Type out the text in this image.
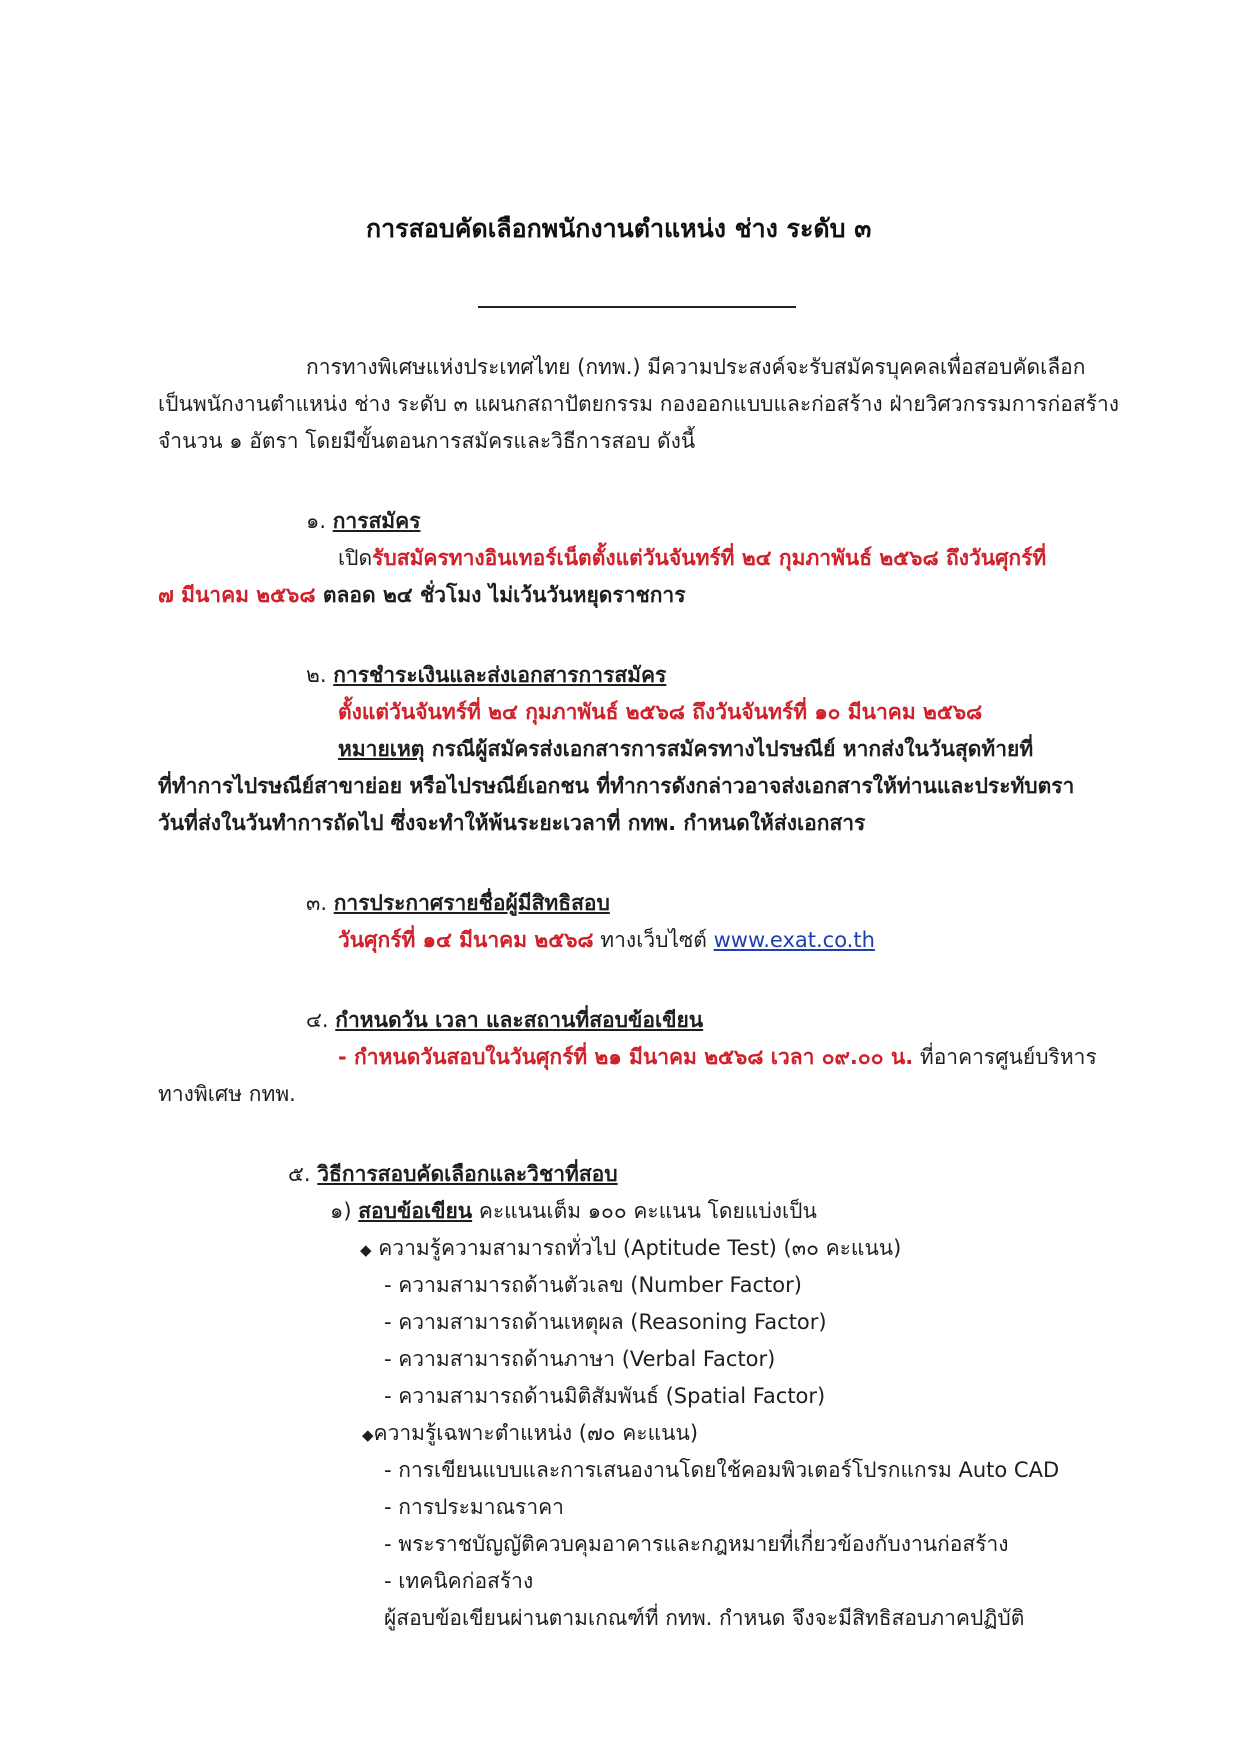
การสอบคัดเลือกพนักงานตำแหน่ง ช่าง ระดับ ๓
การทางพิเศษแห่งประเทศไทย (กทพ.) มีความประสงค์จะรับสมัครบุคคลเพื่อสอบคัดเลือก
เป็นพนักงานตำแหน่ง ช่าง ระดับ ๓ แผนกสถาปัตยกรรม กองออกแบบและก่อสร้าง ฝ่ายวิศวกรรมการก่อสร้าง
จำนวน ๑ อัตรา โดยมีขั้นตอนการสมัครและวิธีการสอบ ดังนี้
๑. การสมัคร
เปิดรับสมัครทางอินเทอร์เน็ตตั้งแต่วันจันทร์ที่ ๒๔ กุมภาพันธ์ ๒๕๖๘ ถึงวันศุกร์ที่
๗ มีนาคม ๒๕๖๘ ตลอด ๒๔ ชั่วโมง ไม่เว้นวันหยุดราชการ
๒. การชำระเงินและส่งเอกสารการสมัคร
ตั้งแต่วันจันทร์ที่ ๒๔ กุมภาพันธ์ ๒๕๖๘ ถึงวันจันทร์ที่ ๑๐ มีนาคม ๒๕๖๘
หมายเหตุ กรณีผู้สมัครส่งเอกสารการสมัครทางไปรษณีย์ หากส่งในวันสุดท้ายที่
ที่ทำการไปรษณีย์สาขาย่อย หรือไปรษณีย์เอกชน ที่ทำการดังกล่าวอาจส่งเอกสารให้ท่านและประทับตรา
วันที่ส่งในวันทำการถัดไป ซึ่งจะทำให้พ้นระยะเวลาที่ กทพ. กำหนดให้ส่งเอกสาร
๓. การประกาศรายชื่อผู้มีสิทธิสอบ
วันศุกร์ที่ ๑๔ มีนาคม ๒๕๖๘ ทางเว็บไซต์ www.exat.co.th
๔. กำหนดวัน เวลา และสถานที่สอบข้อเขียน
- กำหนดวันสอบในวันศุกร์ที่ ๒๑ มีนาคม ๒๕๖๘ เวลา ๐๙.๐๐ น. ที่อาคารศูนย์บริหาร
ทางพิเศษ กทพ.
๕. วิธีการสอบคัดเลือกและวิชาที่สอบ
๑) สอบข้อเขียน คะแนนเต็ม ๑๐๐ คะแนน โดยแบ่งเป็น
◆ ความรู้ความสามารถทั่วไป (Aptitude Test) (๓๐ คะแนน)
- ความสามารถด้านตัวเลข (Number Factor)
- ความสามารถด้านเหตุผล (Reasoning Factor)
- ความสามารถด้านภาษา (Verbal Factor)
- ความสามารถด้านมิติสัมพันธ์ (Spatial Factor)
◆ความรู้เฉพาะตำแหน่ง (๗๐ คะแนน)
- การเขียนแบบและการเสนองานโดยใช้คอมพิวเตอร์โปรกแกรม Auto CAD
- การประมาณราคา
- พระราชบัญญัติควบคุมอาคารและกฎหมายที่เกี่ยวข้องกับงานก่อสร้าง
- เทคนิคก่อสร้าง
ผู้สอบข้อเขียนผ่านตามเกณฑ์ที่ กทพ. กำหนด จึงจะมีสิทธิสอบภาคปฏิบัติ
